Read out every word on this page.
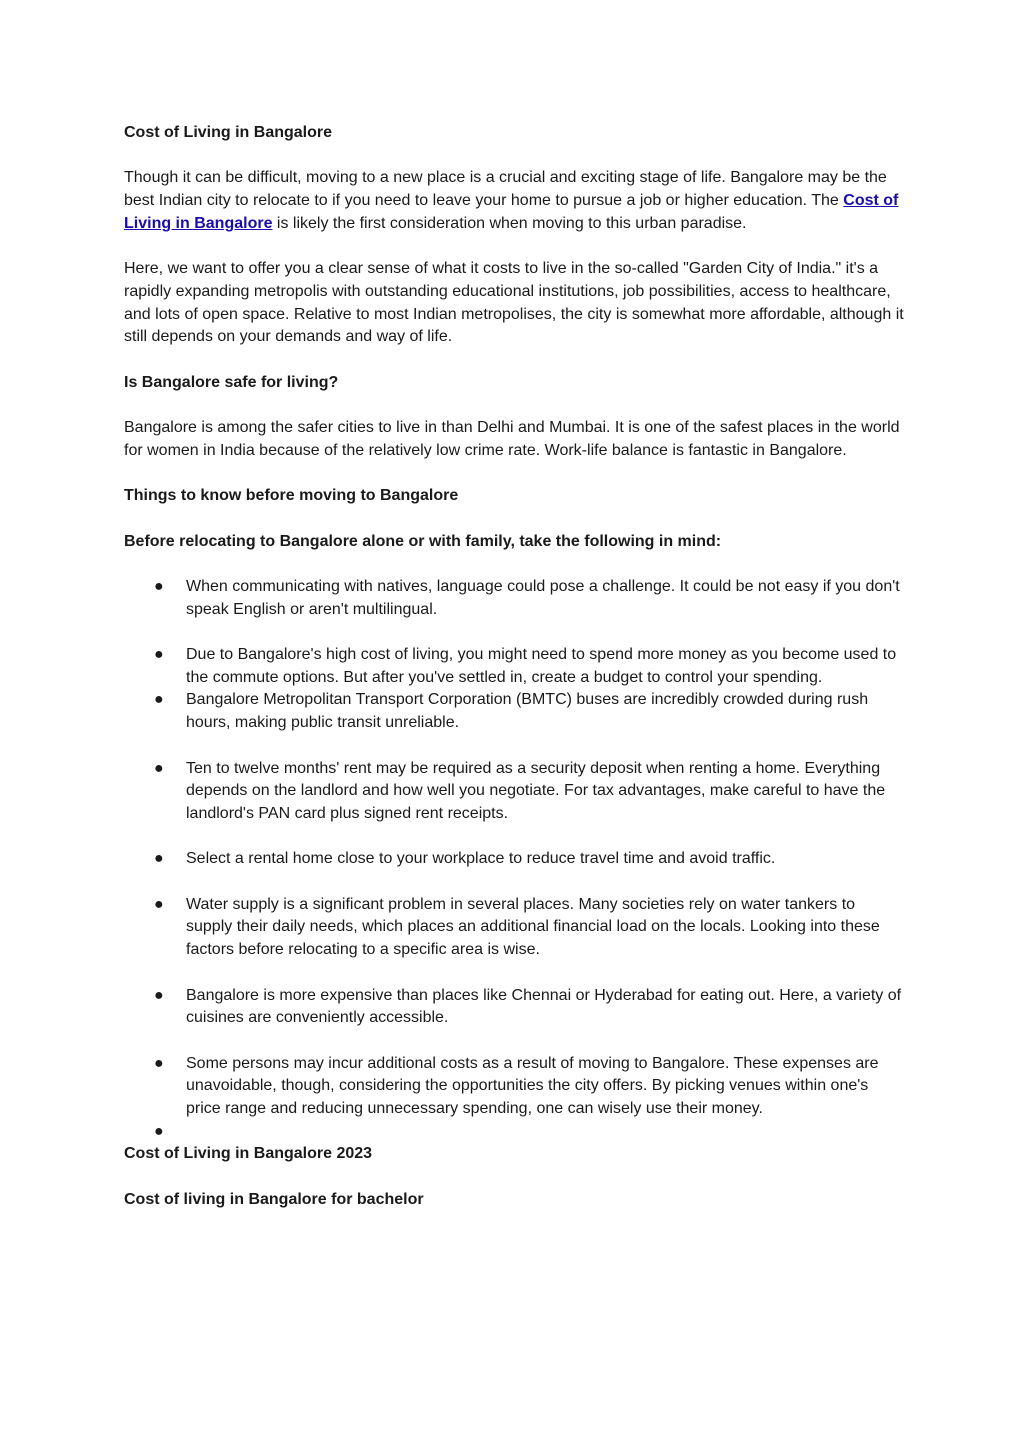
Cost of Living in Bangalore

Though it can be difficult, moving to a new place is a crucial and exciting stage of life. Bangalore may be the best Indian city to relocate to if you need to leave your home to pursue a job or higher education. The Cost of Living in Bangalore is likely the first consideration when moving to this urban paradise.

Here, we want to offer you a clear sense of what it costs to live in the so-called "Garden City of India." it's a rapidly expanding metropolis with outstanding educational institutions, job possibilities, access to healthcare, and lots of open space. Relative to most Indian metropolises, the city is somewhat more affordable, although it still depends on your demands and way of life.

Is Bangalore safe for living?

Bangalore is among the safer cities to live in than Delhi and Mumbai. It is one of the safest places in the world for women in India because of the relatively low crime rate. Work-life balance is fantastic in Bangalore.

Things to know before moving to Bangalore
Before relocating to Bangalore alone or with family, take the following in mind:
● When communicating with natives, language could pose a challenge. It could be not easy if you don't speak English or aren't multilingual.
● Due to Bangalore's high cost of living, you might need to spend more money as you become used to the commute options. But after you've settled in, create a budget to control your spending.
● Bangalore Metropolitan Transport Corporation (BMTC) buses are incredibly crowded during rush hours, making public transit unreliable.
● Ten to twelve months' rent may be required as a security deposit when renting a home. Everything depends on the landlord and how well you negotiate. For tax advantages, make careful to have the landlord's PAN card plus signed rent receipts.
● Select a rental home close to your workplace to reduce travel time and avoid traffic.
● Water supply is a significant problem in several places. Many societies rely on water tankers to supply their daily needs, which places an additional financial load on the locals. Looking into these factors before relocating to a specific area is wise.
● Bangalore is more expensive than places like Chennai or Hyderabad for eating out. Here, a variety of cuisines are conveniently accessible.
● Some persons may incur additional costs as a result of moving to Bangalore. These expenses are unavoidable, though, considering the opportunities the city offers. By picking venues within one's price range and reducing unnecessary spending, one can wisely use their money.
●

Cost of Living in Bangalore 2023
Cost of living in Bangalore for bachelor
